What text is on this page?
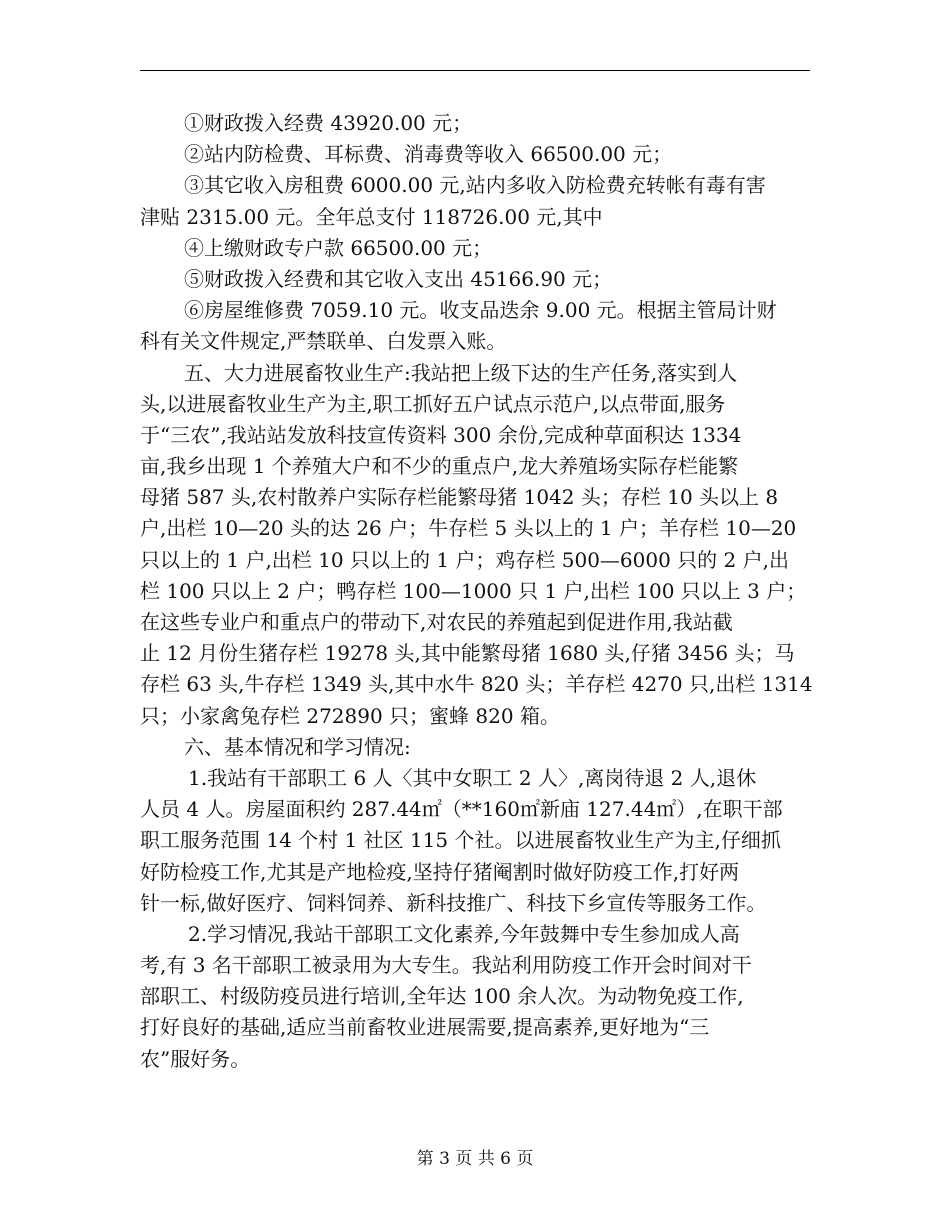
①财政拨入经费 43920.00 元；
②站内防检费、耳标费、消毒费等收入 66500.00 元；
③其它收入房租费 6000.00 元,站内多收入防检费充转帐有毒有害
津贴 2315.00 元。全年总支付 118726.00 元,其中
④上缴财政专户款 66500.00 元；
⑤财政拨入经费和其它收入支出 45166.90 元；
⑥房屋维修费 7059.10 元。收支品迭余 9.00 元。根据主管局计财
科有关文件规定,严禁联单、白发票入账。
五、大力进展畜牧业生产:我站把上级下达的生产任务,落实到人
头,以进展畜牧业生产为主,职工抓好五户试点示范户,以点带面,服务
于“三农”,我站站发放科技宣传资料 300 余份,完成种草面积达 1334
亩,我乡出现 1 个养殖大户和不少的重点户,龙大养殖场实际存栏能繁
母猪 587 头,农村散养户实际存栏能繁母猪 1042 头；存栏 10 头以上 8
户,出栏 10—20 头的达 26 户；牛存栏 5 头以上的 1 户；羊存栏 10—20
只以上的 1 户,出栏 10 只以上的 1 户；鸡存栏 500—6000 只的 2 户,出
栏 100 只以上 2 户；鸭存栏 100—1000 只 1 户,出栏 100 只以上 3 户；
在这些专业户和重点户的带动下,对农民的养殖起到促进作用,我站截
止 12 月份生猪存栏 19278 头,其中能繁母猪 1680 头,仔猪 3456 头；马
存栏 63 头,牛存栏 1349 头,其中水牛 820 头；羊存栏 4270 只,出栏 1314
只；小家禽兔存栏 272890 只；蜜蜂 820 箱。
六、基本情况和学习情况:
1.我站有干部职工 6 人〈其中女职工 2 人〉,离岗待退 2 人,退休
人员 4 人。房屋面积约 287.44㎡（**160㎡新庙 127.44㎡）,在职干部
职工服务范围 14 个村 1 社区 115 个社。以进展畜牧业生产为主,仔细抓
好防检疫工作,尤其是产地检疫,坚持仔猪阉割时做好防疫工作,打好两
针一标,做好医疗、饲料饲养、新科技推广、科技下乡宣传等服务工作。
2.学习情况,我站干部职工文化素养,今年鼓舞中专生参加成人高
考,有 3 名干部职工被录用为大专生。我站利用防疫工作开会时间对干
部职工、村级防疫员进行培训,全年达 100 余人次。为动物免疫工作,
打好良好的基础,适应当前畜牧业进展需要,提高素养,更好地为“三
农”服好务。
第 3 页 共 6 页
